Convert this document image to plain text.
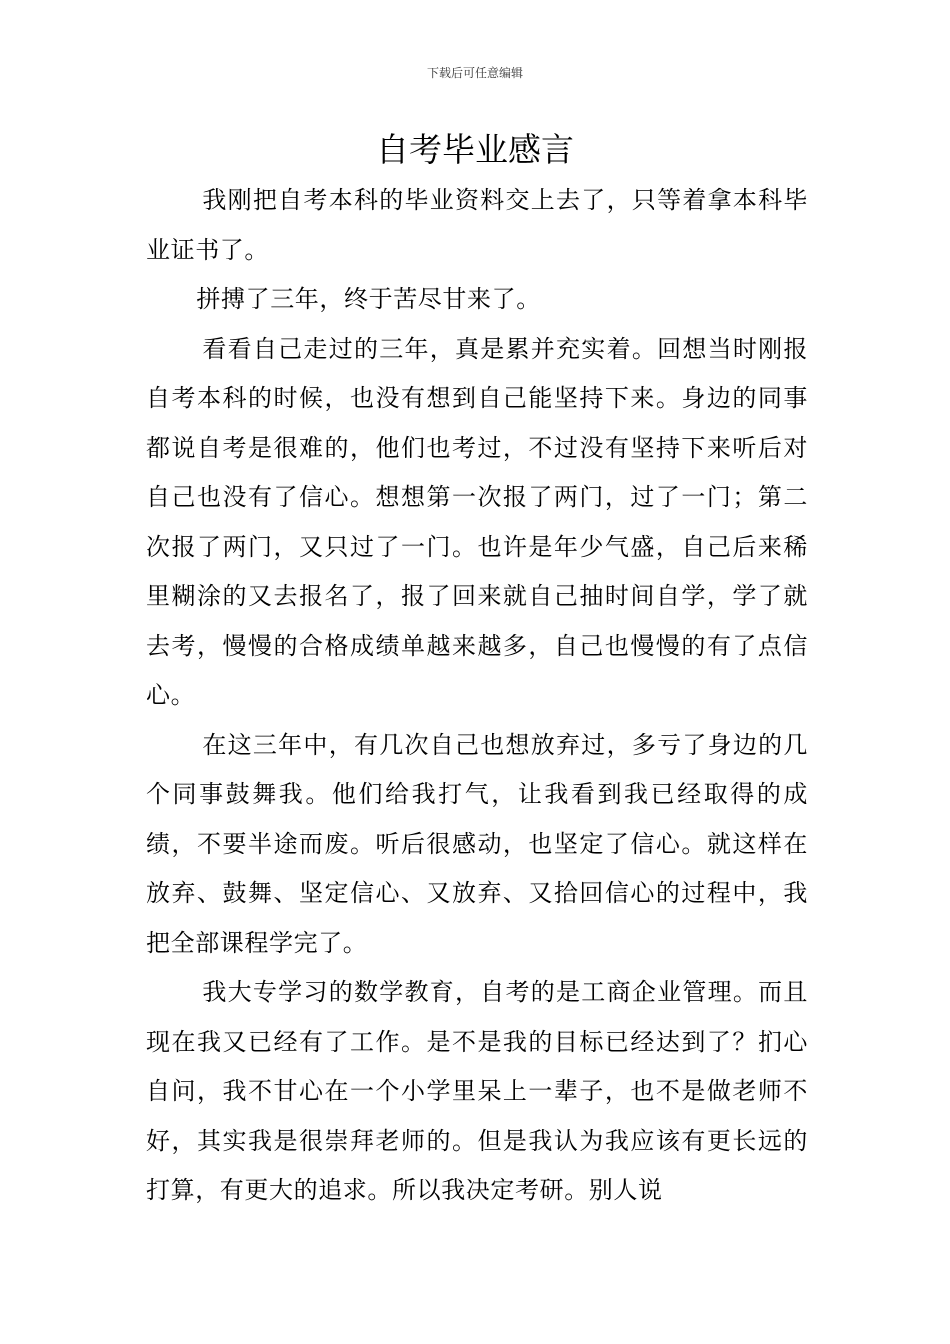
下载后可任意编辑
自考毕业感言

我刚把自考本科的毕业资料交上去了，只等着拿本科毕业证书了。

拼搏了三年，终于苦尽甘来了。

看看自己走过的三年，真是累并充实着。回想当时刚报自考本科的时候，也没有想到自己能坚持下来。身边的同事都说自考是很难的，他们也考过，不过没有坚持下来听后对自己也没有了信心。想想第一次报了两门，过了一门；第二次报了两门，又只过了一门。也许是年少气盛，自己后来稀里糊涂的又去报名了，报了回来就自己抽时间自学，学了就去考，慢慢的合格成绩单越来越多，自己也慢慢的有了点信心。

在这三年中，有几次自己也想放弃过，多亏了身边的几个同事鼓舞我。他们给我打气，让我看到我已经取得的成绩，不要半途而废。听后很感动，也坚定了信心。就这样在放弃、鼓舞、坚定信心、又放弃、又拾回信心的过程中，我把全部课程学完了。

我大专学习的数学教育，自考的是工商企业管理。而且现在我又已经有了工作。是不是我的目标已经达到了？扪心自问，我不甘心在一个小学里呆上一辈子，也不是做老师不好，其实我是很崇拜老师的。但是我认为我应该有更长远的打算，有更大的追求。所以我决定考研。别人说
